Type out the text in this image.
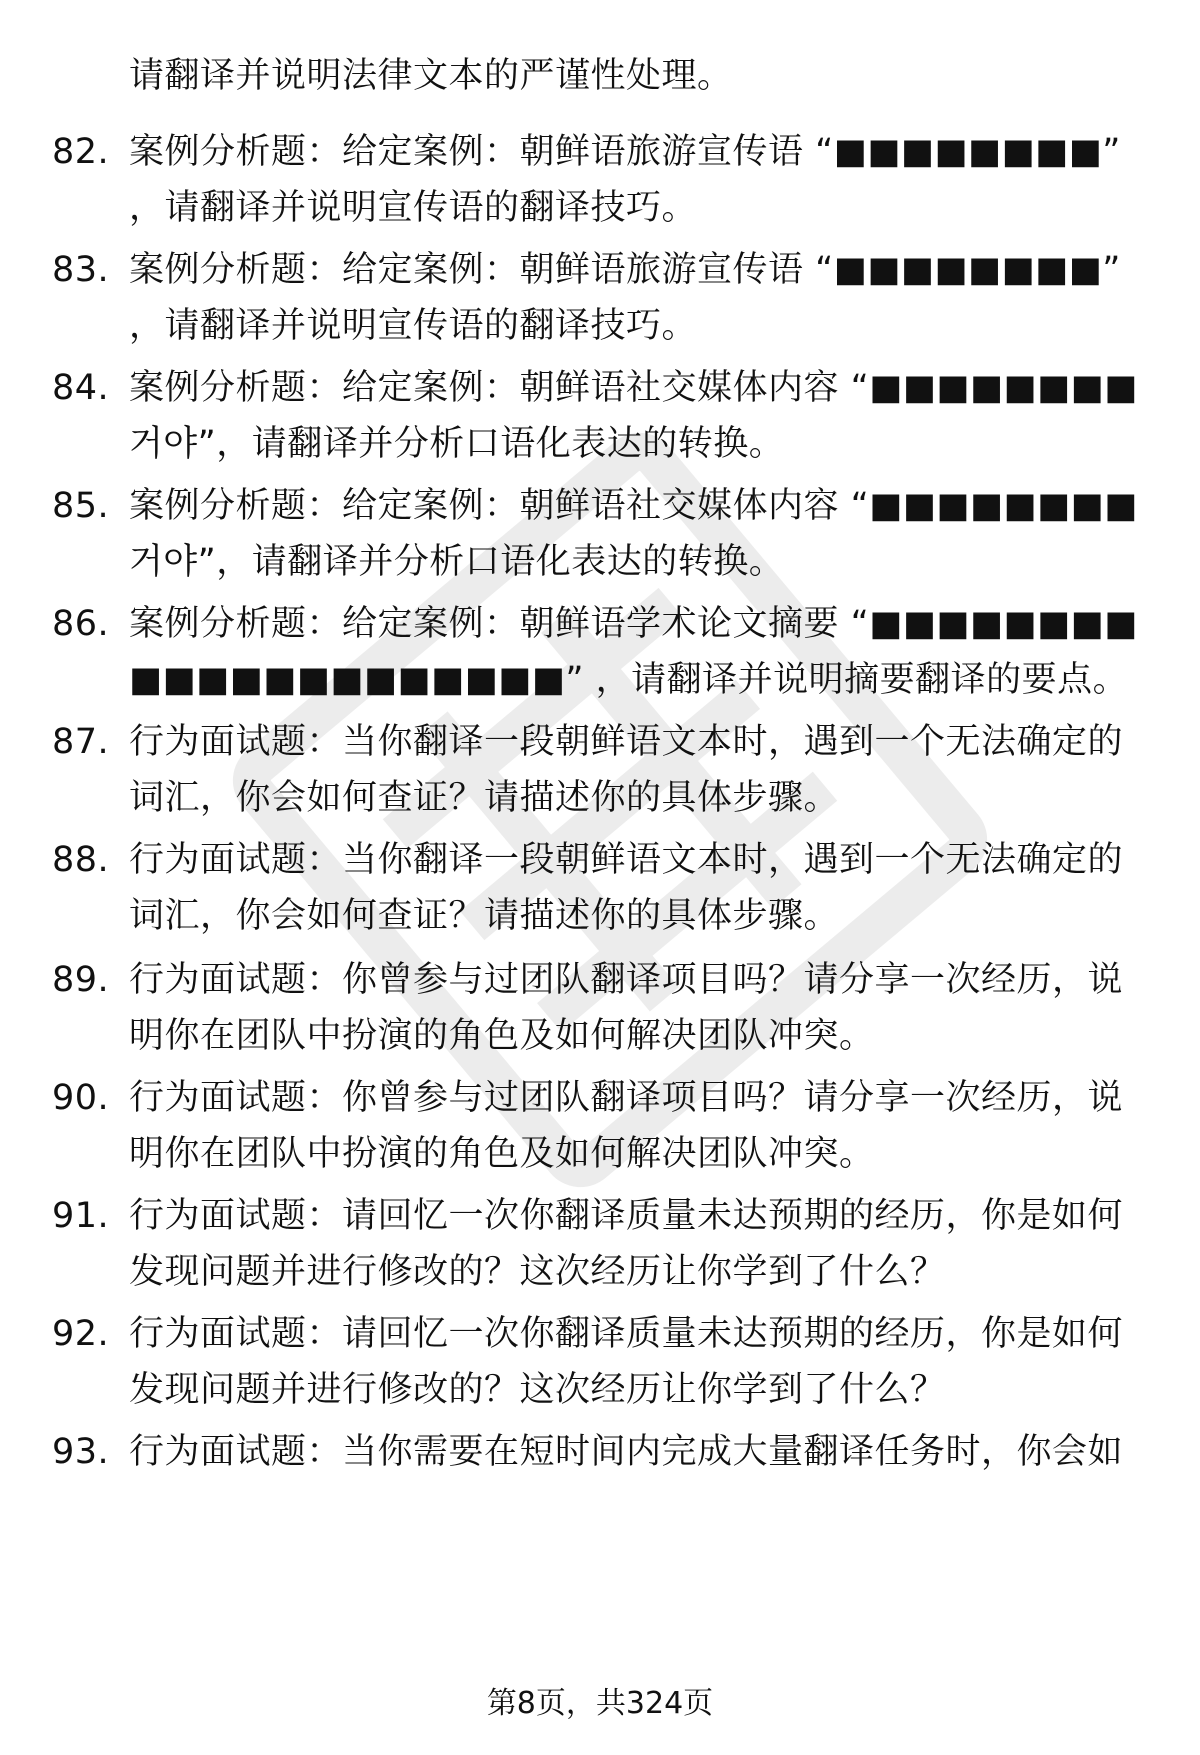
请翻译并说明法律文本的严谨性处理。
82. 案例分析题：给定案例：朝鲜语旅游宣传语 “■■■■■■■■” ，请翻译并说明宣传语的翻译技巧。
83. 案例分析题：给定案例：朝鲜语旅游宣传语 “■■■■■■■■” ，请翻译并说明宣传语的翻译技巧。
84. 案例分析题：给定案例：朝鲜语社交媒体内容 “■■■■■■■■ 거야”，请翻译并分析口语化表达的转换。
85. 案例分析题：给定案例：朝鲜语社交媒体内容 “■■■■■■■■ 거야”，请翻译并分析口语化表达的转换。
86. 案例分析题：给定案例：朝鲜语学术论文摘要 “■■■■■■■■■■■■■■■■■■■■■” ，请翻译并说明摘要翻译的要点。
87. 行为面试题：当你翻译一段朝鲜语文本时，遇到一个无法确定的词汇，你会如何查证？请描述你的具体步骤。
88. 行为面试题：当你翻译一段朝鲜语文本时，遇到一个无法确定的词汇，你会如何查证？请描述你的具体步骤。
89. 行为面试题：你曾参与过团队翻译项目吗？请分享一次经历，说明你在团队中扮演的角色及如何解决团队冲突。
90. 行为面试题：你曾参与过团队翻译项目吗？请分享一次经历，说明你在团队中扮演的角色及如何解决团队冲突。
91. 行为面试题：请回忆一次你翻译质量未达预期的经历，你是如何发现问题并进行修改的？这次经历让你学到了什么？
92. 行为面试题：请回忆一次你翻译质量未达预期的经历，你是如何发现问题并进行修改的？这次经历让你学到了什么？
93. 行为面试题：当你需要在短时间内完成大量翻译任务时，你会如
第8页，共324页
